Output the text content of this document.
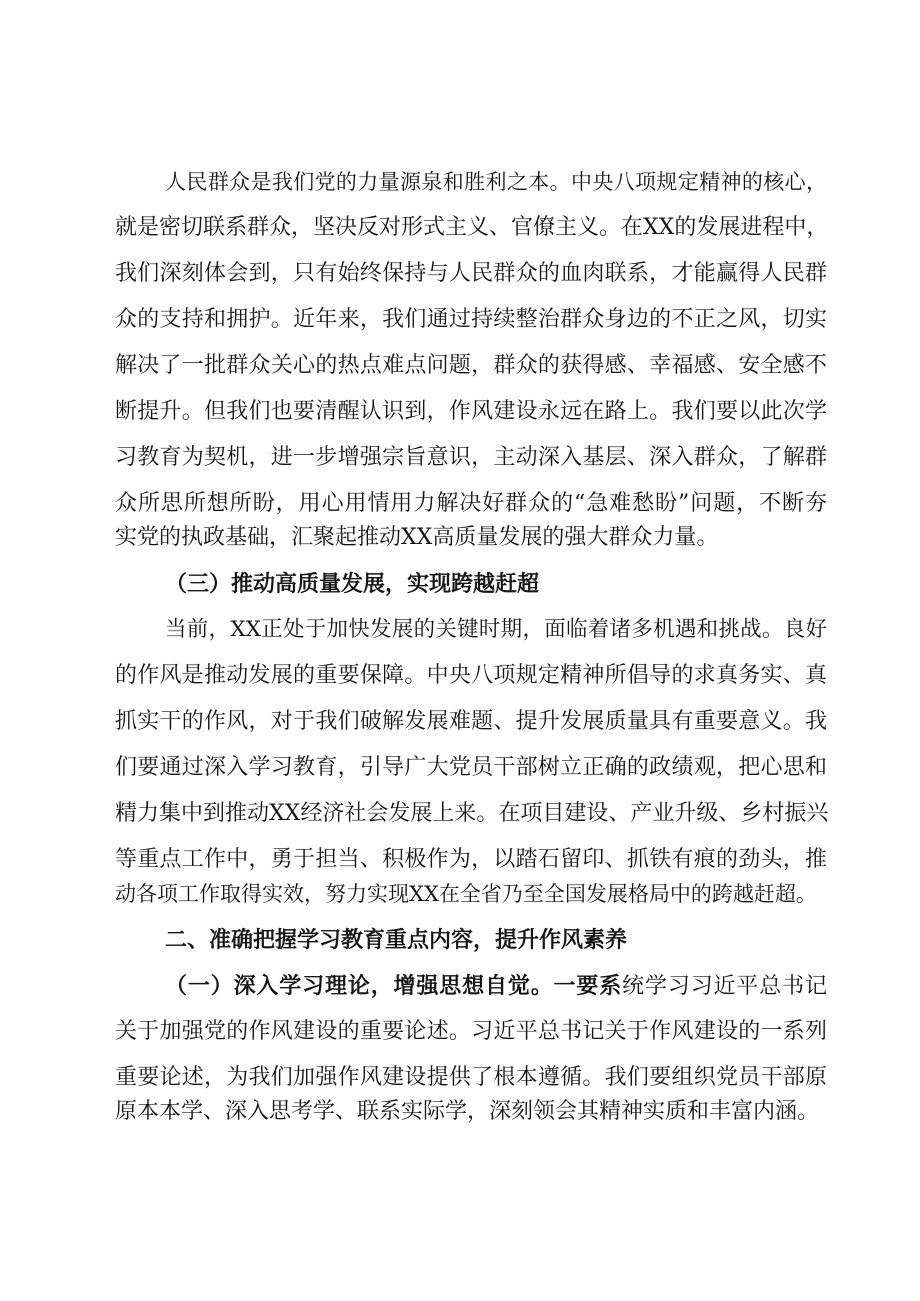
人民群众是我们党的力量源泉和胜利之本。中央八项规定精神的核心，
就是密切联系群众，坚决反对形式主义、官僚主义。在XX的发展进程中，
我们深刻体会到，只有始终保持与人民群众的血肉联系，才能赢得人民群
众的支持和拥护。近年来，我们通过持续整治群众身边的不正之风，切实
解决了一批群众关心的热点难点问题，群众的获得感、幸福感、安全感不
断提升。但我们也要清醒认识到，作风建设永远在路上。我们要以此次学
习教育为契机，进一步增强宗旨意识，主动深入基层、深入群众，了解群
众所思所想所盼，用心用情用力解决好群众的“急难愁盼”问题，不断夯
实党的执政基础，汇聚起推动XX高质量发展的强大群众力量。
（三）推动高质量发展，实现跨越赶超
当前，XX正处于加快发展的关键时期，面临着诸多机遇和挑战。良好
的作风是推动发展的重要保障。中央八项规定精神所倡导的求真务实、真
抓实干的作风，对于我们破解发展难题、提升发展质量具有重要意义。我
们要通过深入学习教育，引导广大党员干部树立正确的政绩观，把心思和
精力集中到推动XX经济社会发展上来。在项目建设、产业升级、乡村振兴
等重点工作中，勇于担当、积极作为，以踏石留印、抓铁有痕的劲头，推
动各项工作取得实效，努力实现XX在全省乃至全国发展格局中的跨越赶超。
二、准确把握学习教育重点内容，提升作风素养
（一）深入学习理论，增强思想自觉。一要系统学习习近平总书记
关于加强党的作风建设的重要论述。习近平总书记关于作风建设的一系列
重要论述，为我们加强作风建设提供了根本遵循。我们要组织党员干部原
原本本学、深入思考学、联系实际学，深刻领会其精神实质和丰富内涵。
